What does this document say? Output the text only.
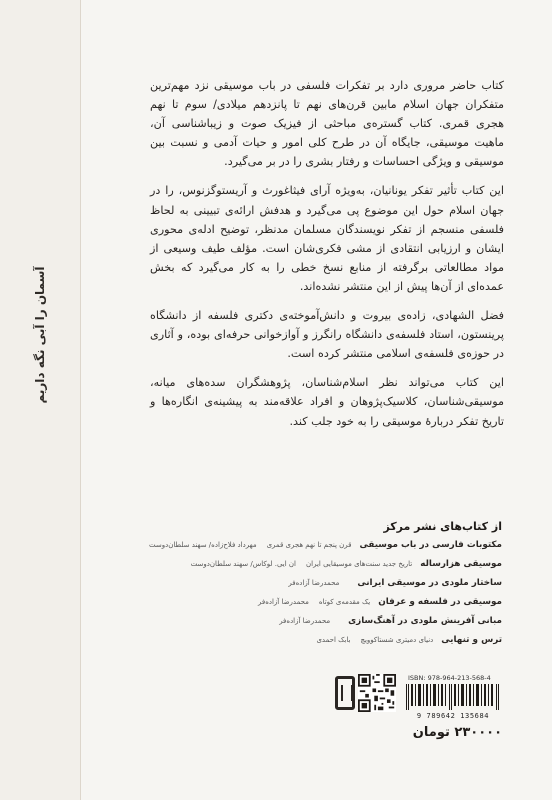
آسمان را آبی نگه داریم

کتاب حاضر مروری دارد بر تفکرات فلسفی در باب موسیقی نزد مهم‌ترین متفکران جهان اسلام مابین قرن‌های نهم تا پانزدهم میلادی/ سوم تا نهم هجری قمری. کتاب گستره‌ی مباحثی از فیزیک صوت و زیباشناسی آن، ماهیت موسیقی، جایگاه آن در طرح کلی امور و حیات آدمی و نسبت بین موسیقی و ویژگی احساسات و رفتار بشری را در بر می‌گیرد.

این کتاب تأثیر تفکر یونانیان، بەویژه آرای فیثاغورث و آریستوگزنوس، را در جهان اسلام حول این موضوع پی می‌گیرد و هدفش ارائه‌ی تبیینی به لحاظ فلسفی منسجم از تفکر نویسندگان مسلمان مدنظر، توضیح ادله‌ی محوری ایشان و ارزیابی انتقادی از مشی فکری‌شان است. مؤلف طیف وسیعی از مواد مطالعاتی برگرفته از منابع نسخ خطی را به کار می‌گیرد که بخش عمده‌ای از آن‌ها پیش از این منتشر نشده‌اند.

فضل الشهادی، زاده‌ی بیروت و دانش‌آموخته‌ی دکتری فلسفه از دانشگاه پرینستون، استاد فلسفه‌ی دانشگاه رانگرز و آوازخوانی حرفه‌ای بوده، و آثاری در حوزه‌ی فلسفه‌ی اسلامی منتشر کرده است.

این کتاب می‌تواند نظر اسلام‌شناسان، پژوهشگران سده‌های میانه، موسیقی‌شناسان، کلاسیک‌پژوهان و افراد علاقه‌مند به پیشینه‌ی انگاره‌ها و تاریخ تفکر دربارهٔ موسیقی را به خود جلب کند.

از کتاب‌های نشر مرکز
مکتوبات فارسی در باب موسیقی
قرن پنجم تا نهم هجری قمری
مهرداد فلاح‌زاده/ سهند سلطان‌دوست
موسیقی هزارساله
تاریخ جدید سنت‌های موسیقایی ایران
ان ایی. لوکاس/ سهند سلطان‌دوست
ساختار ملودی در موسیقی ایرانی
محمدرضا آزاده‌فر
موسیقی در فلسفه و عرفان
یک مقدمه‌ی کوتاه
محمدرضا آزاده‌فر
مبانی آفرینش ملودی در آهنگ‌سازی
محمدرضا آزاده‌فر
ترس و تنهایی
دنیای دمیتری شستاکوویچ
بابک احمدی
ISBN: 978-964-213-568-4
9 789642 135684
۲۳۰۰۰۰ تومان
